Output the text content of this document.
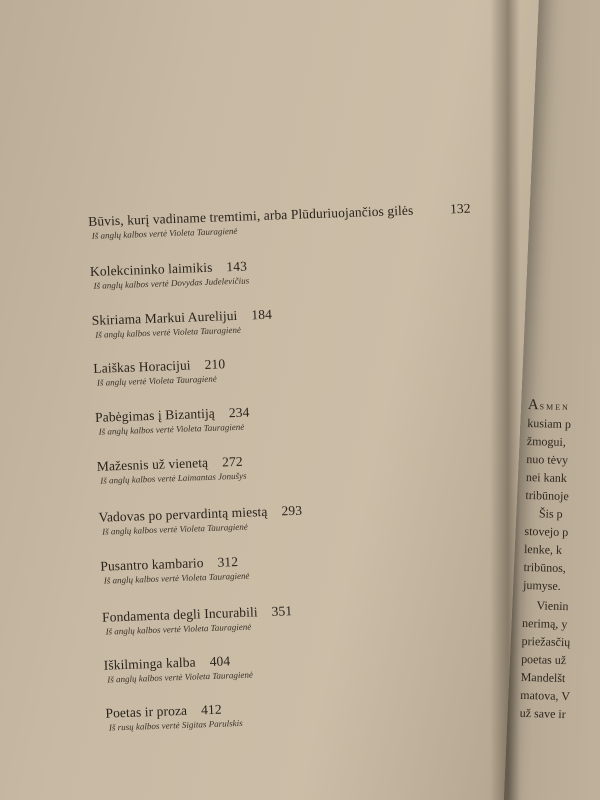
Būvis, kurį vadiname tremtimi, arba Plūduriuojančios gilės	132
Iš anglų kalbos vertė Violeta Tauragienė
Kolekcininko laimikis 143
Iš anglų kalbos vertė Dovydas Judelevičius
Skiriama Markui Aurelijui 184
Iš anglų kalbos vertė Violeta Tauragienė
Laiškas Horacijui 210
Iš anglų vertė Violeta Tauragienė
Pabėgimas į Bizantiją 234
Iš anglų kalbos vertė Violeta Tauragienė
Mažesnis už vienetą 272
Iš anglų kalbos vertė Laimantas Jonušys
Vadovas po pervardintą miestą 293
Iš anglų kalbos vertė Violeta Tauragienė
Pusantro kambario 312
Iš anglų kalbos vertė Violeta Tauragienė
Fondamenta degli Incurabili 351
Iš anglų kalbos vertė Violeta Tauragienė
Iškilminga kalba 404
Iš anglų kalbos vertė Violeta Tauragienė
Poetas ir proza 412
Iš rusų kalbos vertė Sigitas Parulskis
ASMEN
kusiam p
žmogui,
nuo tėvy
nei kank
tribūnoje
Šis p
stovejo p
lenke, k
tribūnos,
jumyse.
Vienin
nerimą, y
priežasčių
poetas už
Mandelšt
matova, V
už save ir
